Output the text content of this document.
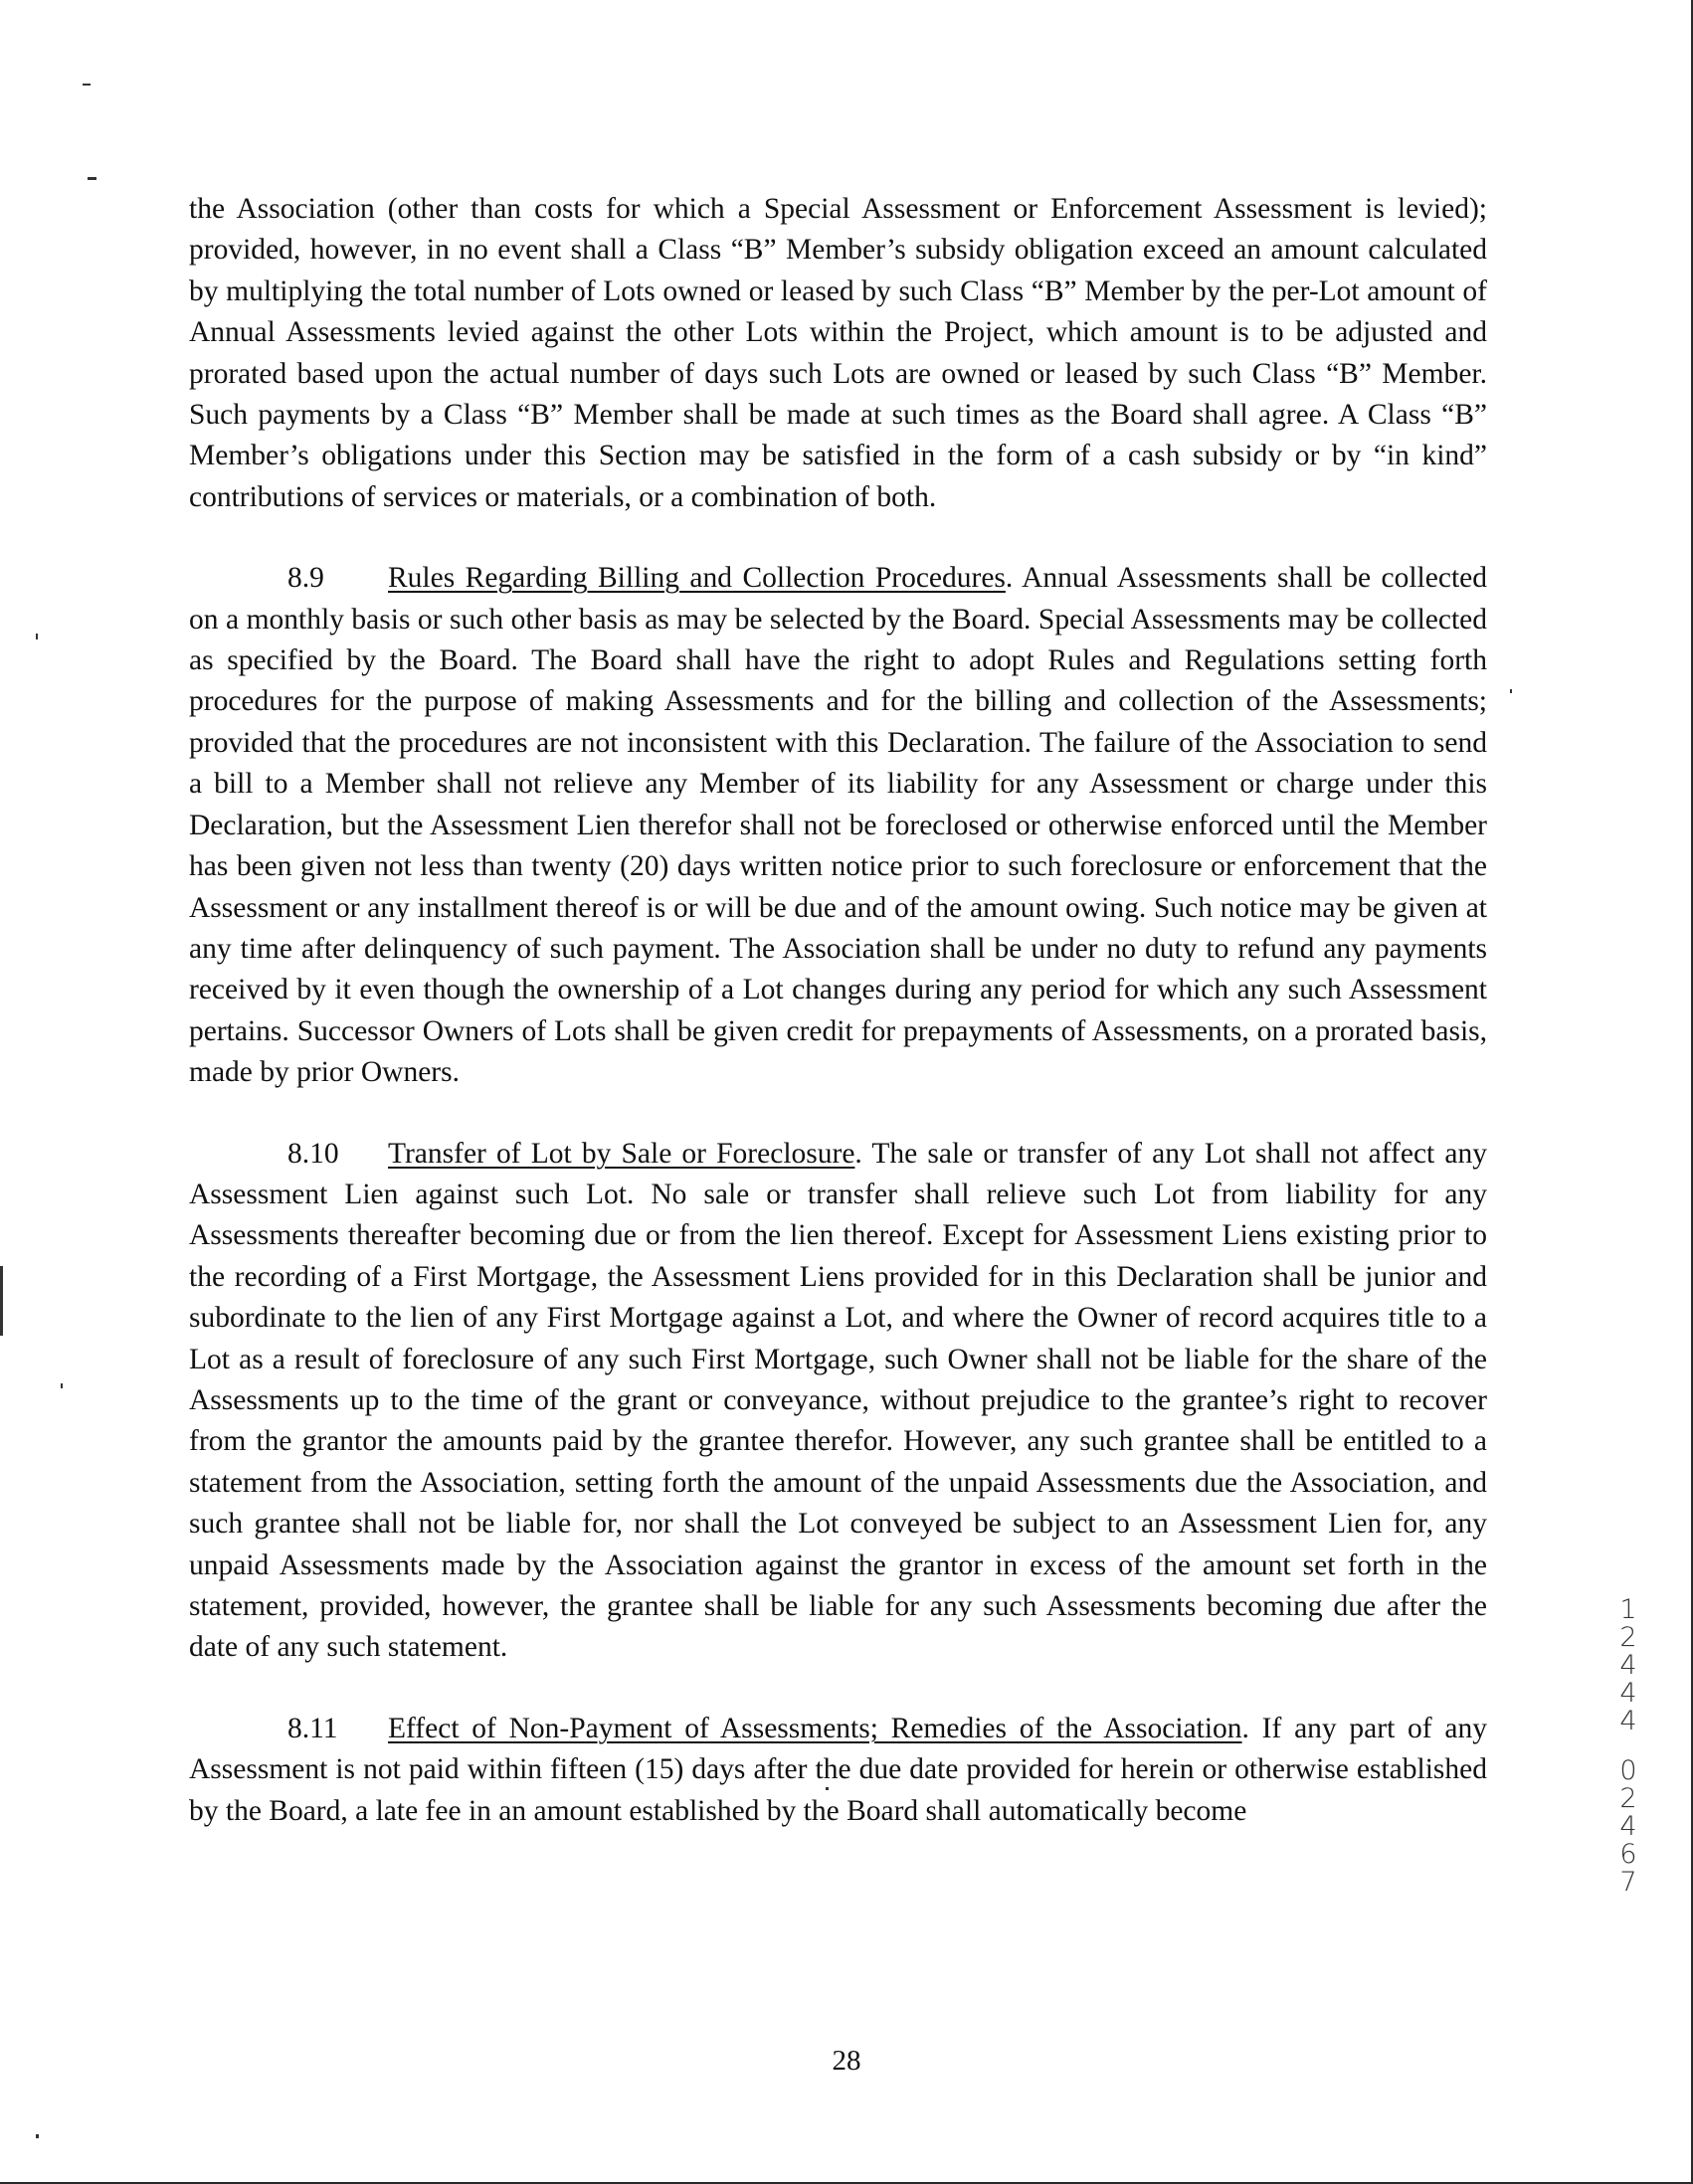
the Association (other than costs for which a Special Assessment or Enforcement Assessment is levied); provided, however, in no event shall a Class “B” Member’s subsidy obligation exceed an amount calculated by multiplying the total number of Lots owned or leased by such Class “B” Member by the per-Lot amount of Annual Assessments levied against the other Lots within the Project, which amount is to be adjusted and prorated based upon the actual number of days such Lots are owned or leased by such Class “B” Member. Such payments by a Class “B” Member shall be made at such times as the Board shall agree. A Class “B” Member’s obligations under this Section may be satisfied in the form of a cash subsidy or by “in kind” contributions of services or materials, or a combination of both.

8.9 Rules Regarding Billing and Collection Procedures. Annual Assessments shall be collected on a monthly basis or such other basis as may be selected by the Board. Special Assessments may be collected as specified by the Board. The Board shall have the right to adopt Rules and Regulations setting forth procedures for the purpose of making Assessments and for the billing and collection of the Assessments; provided that the procedures are not inconsistent with this Declaration. The failure of the Association to send a bill to a Member shall not relieve any Member of its liability for any Assessment or charge under this Declaration, but the Assessment Lien therefor shall not be foreclosed or otherwise enforced until the Member has been given not less than twenty (20) days written notice prior to such foreclosure or enforcement that the Assessment or any installment thereof is or will be due and of the amount owing. Such notice may be given at any time after delinquency of such payment. The Association shall be under no duty to refund any payments received by it even though the ownership of a Lot changes during any period for which any such Assessment pertains. Successor Owners of Lots shall be given credit for prepayments of Assessments, on a prorated basis, made by prior Owners.

8.10 Transfer of Lot by Sale or Foreclosure. The sale or transfer of any Lot shall not affect any Assessment Lien against such Lot. No sale or transfer shall relieve such Lot from liability for any Assessments thereafter becoming due or from the lien thereof. Except for Assessment Liens existing prior to the recording of a First Mortgage, the Assessment Liens provided for in this Declaration shall be junior and subordinate to the lien of any First Mortgage against a Lot, and where the Owner of record acquires title to a Lot as a result of foreclosure of any such First Mortgage, such Owner shall not be liable for the share of the Assessments up to the time of the grant or conveyance, without prejudice to the grantee’s right to recover from the grantor the amounts paid by the grantee therefor. However, any such grantee shall be entitled to a statement from the Association, setting forth the amount of the unpaid Assessments due the Association, and such grantee shall not be liable for, nor shall the Lot conveyed be subject to an Assessment Lien for, any unpaid Assessments made by the Association against the grantor in excess of the amount set forth in the statement, provided, however, the grantee shall be liable for any such Assessments becoming due after the date of any such statement.

8.11 Effect of Non-Payment of Assessments; Remedies of the Association. If any part of any Assessment is not paid within fifteen (15) days after the due date provided for herein or otherwise established by the Board, a late fee in an amount established by the Board shall automatically become

12444
02467
28
